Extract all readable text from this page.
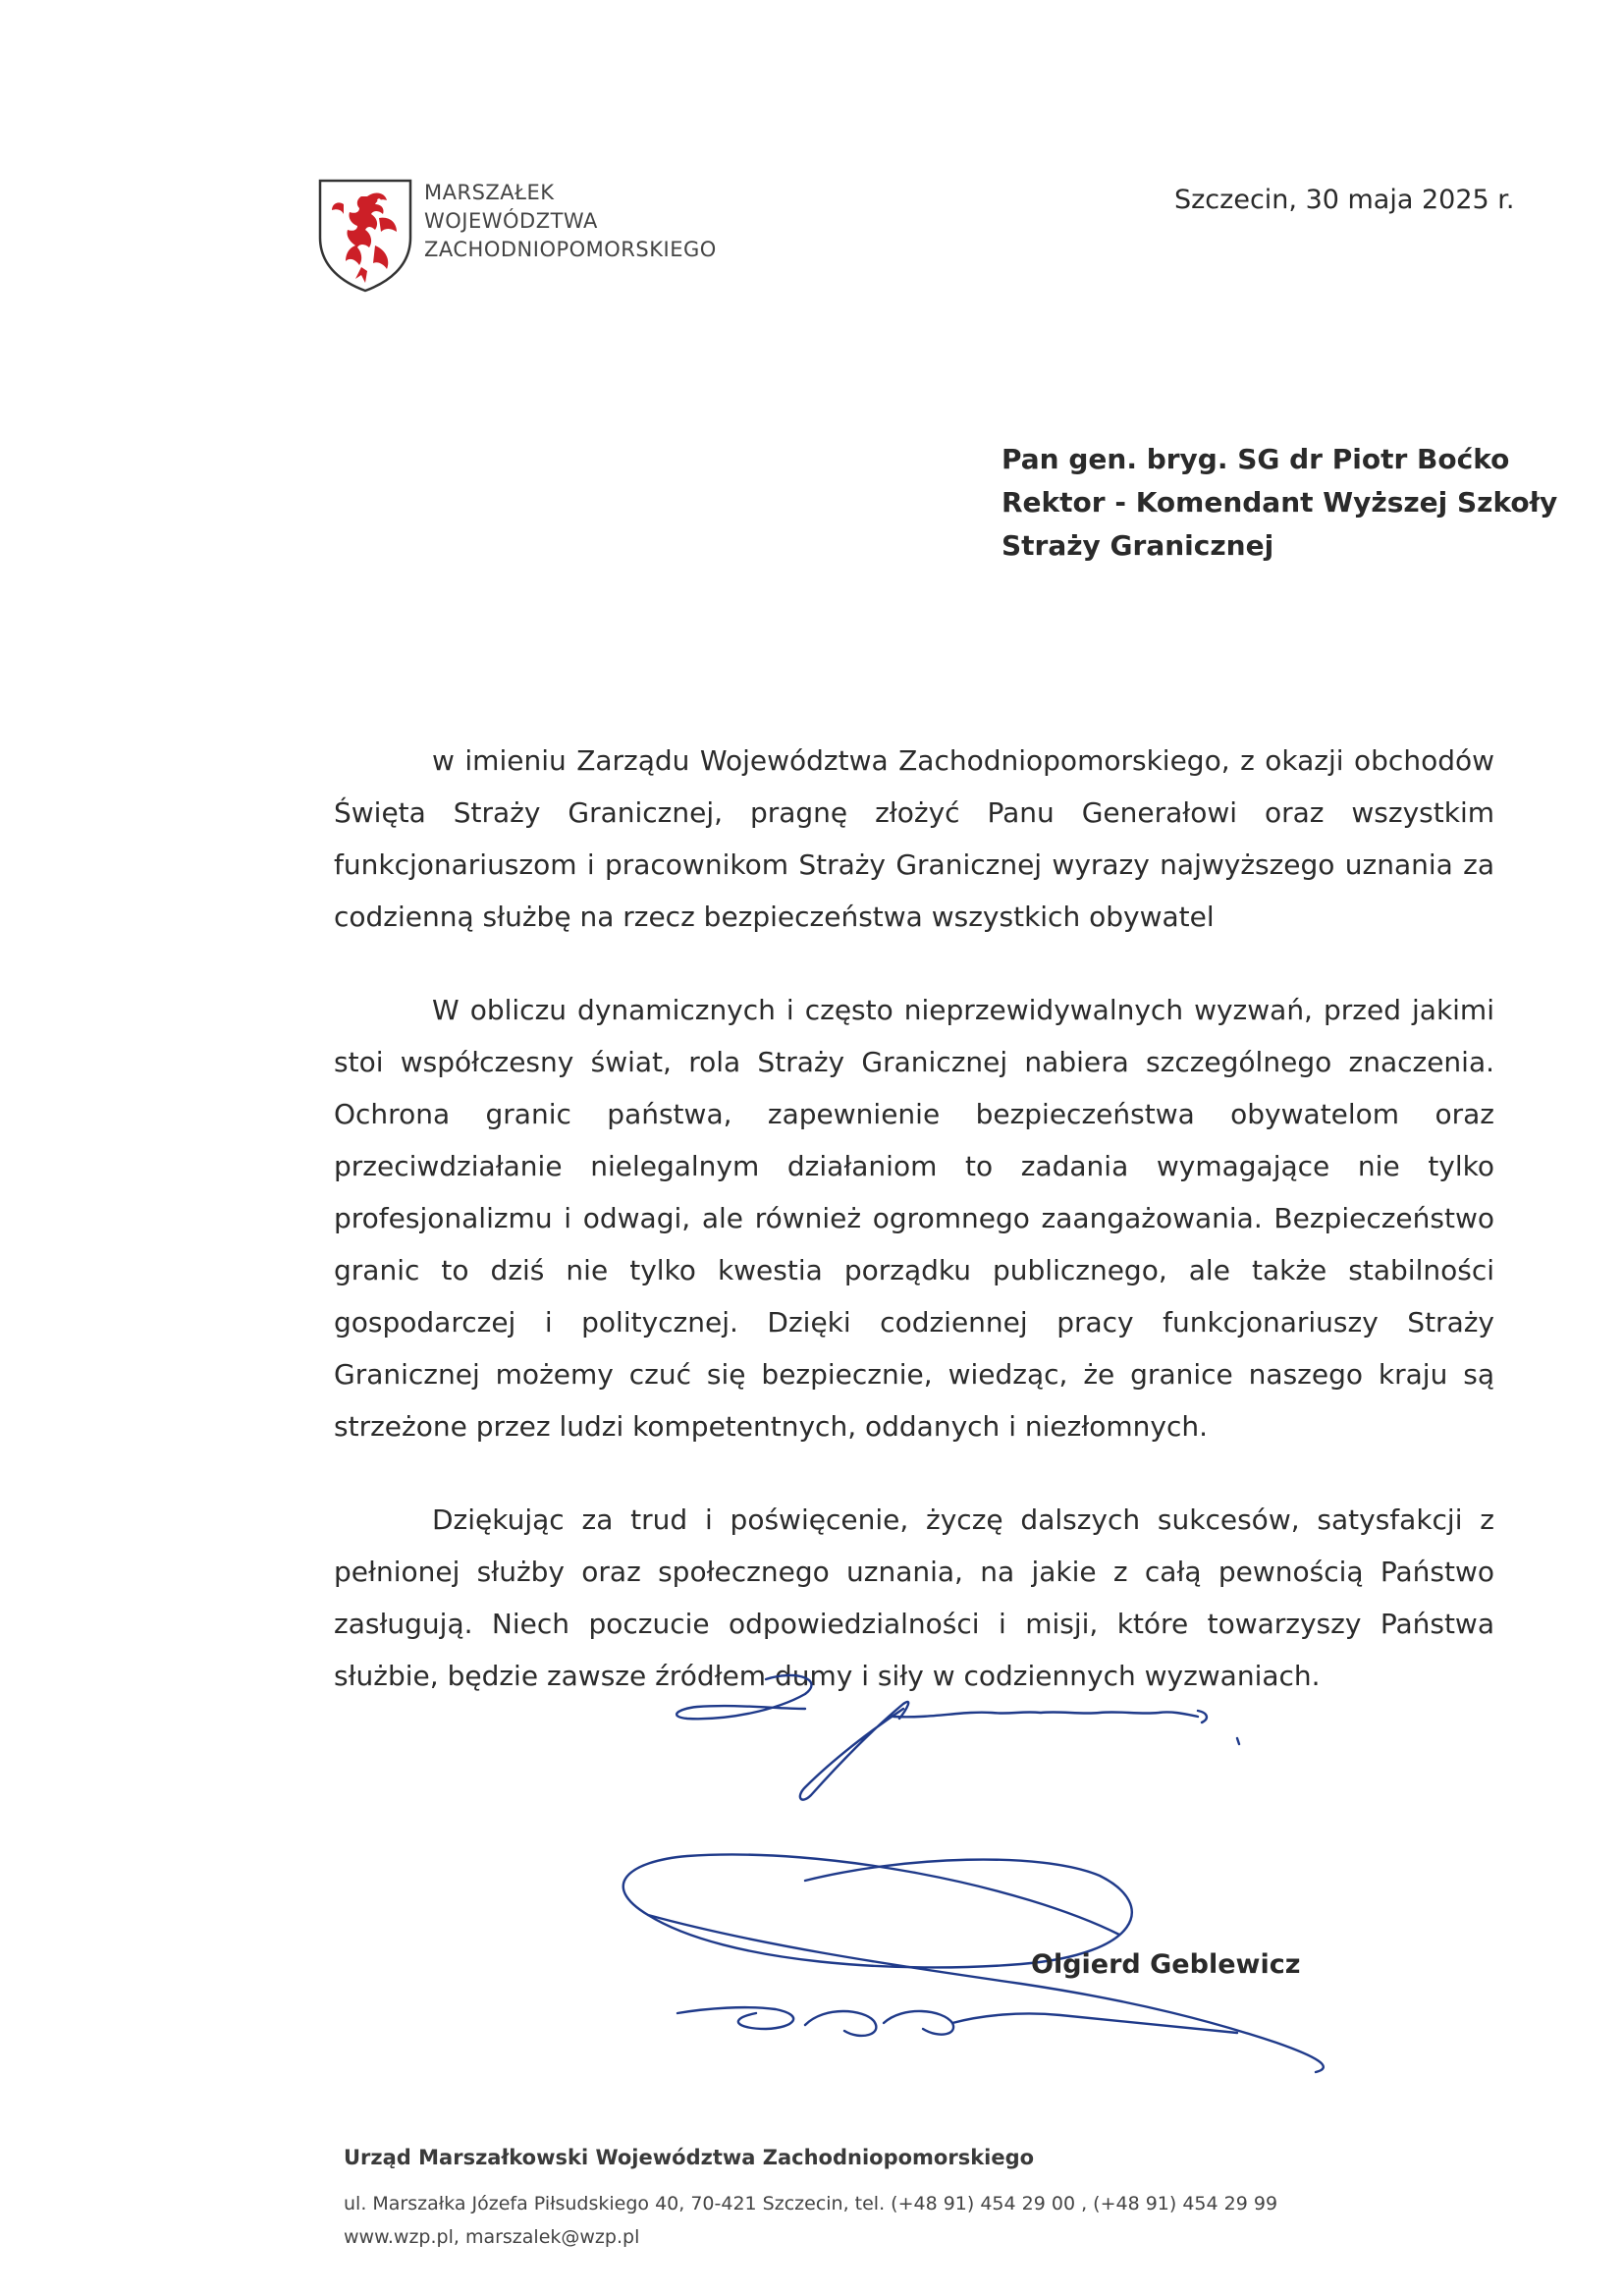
MARSZAŁEK
WOJEWÓDZTWA
ZACHODNIOPOMORSKIEGO
Szczecin, 30 maja 2025 r.
Pan gen. bryg. SG dr Piotr Boćko
Rektor - Komendant Wyższej Szkoły
Straży Granicznej

w imieniu Zarządu Województwa Zachodniopomorskiego, z okazji obchodów Święta Straży Granicznej, pragnę złożyć Panu Generałowi oraz wszystkim funkcjonariuszom i pracownikom Straży Granicznej wyrazy najwyższego uznania za codzienną służbę na rzecz bezpieczeństwa wszystkich obywatel

W obliczu dynamicznych i często nieprzewidywalnych wyzwań, przed jakimi stoi współczesny świat, rola Straży Granicznej nabiera szczególnego znaczenia. Ochrona granic państwa, zapewnienie bezpieczeństwa obywatelom oraz przeciwdziałanie nielegalnym działaniom to zadania wymagające nie tylko profesjonalizmu i odwagi, ale również ogromnego zaangażowania. Bezpieczeństwo granic to dziś nie tylko kwestia porządku publicznego, ale także stabilności gospodarczej i politycznej. Dzięki codziennej pracy funkcjonariuszy Straży Granicznej możemy czuć się bezpiecznie, wiedząc, że granice naszego kraju są strzeżone przez ludzi kompetentnych, oddanych i niezłomnych.

Dziękując za trud i poświęcenie, życzę dalszych sukcesów, satysfakcji z pełnionej służby oraz społecznego uznania, na jakie z całą pewnością Państwo zasługują. Niech poczucie odpowiedzialności i misji, które towarzyszy Państwa służbie, będzie zawsze źródłem dumy i siły w codziennych wyzwaniach.

Olgierd Geblewicz
Urząd Marszałkowski Województwa Zachodniopomorskiego
ul. Marszałka Józefa Piłsudskiego 40, 70-421 Szczecin, tel. (+48 91) 454 29 00 , (+48 91) 454 29 99
www.wzp.pl, marszalek@wzp.pl
